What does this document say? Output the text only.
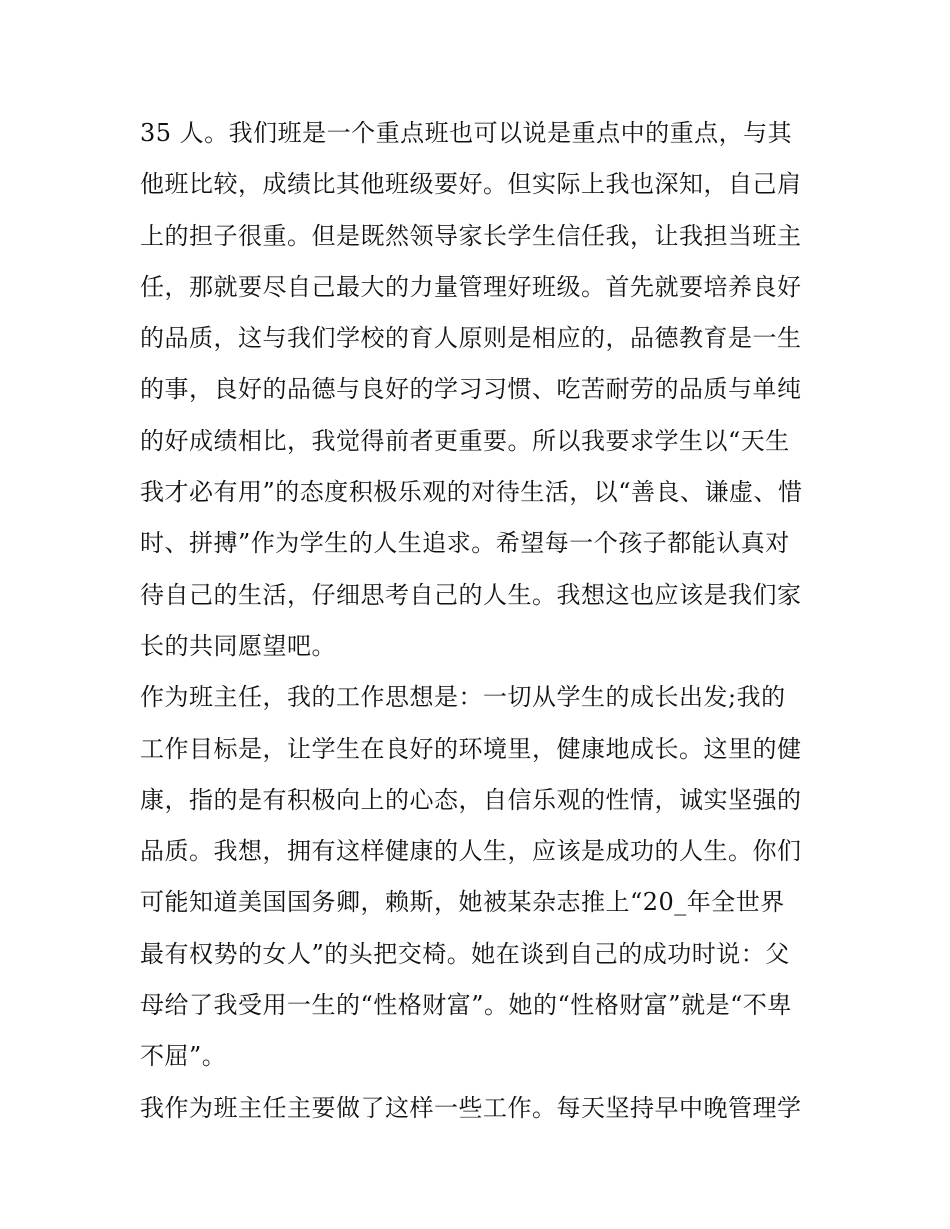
35 人。我们班是一个重点班也可以说是重点中的重点，与其
他班比较，成绩比其他班级要好。但实际上我也深知，自己肩
上的担子很重。但是既然领导家长学生信任我，让我担当班主
任，那就要尽自己最大的力量管理好班级。首先就要培养良好
的品质，这与我们学校的育人原则是相应的，品德教育是一生
的事，良好的品德与良好的学习习惯、吃苦耐劳的品质与单纯
的好成绩相比，我觉得前者更重要。所以我要求学生以“天生
我才必有用”的态度积极乐观的对待生活，以“善良、谦虚、惜
时、拼搏”作为学生的人生追求。希望每一个孩子都能认真对
待自己的生活，仔细思考自己的人生。我想这也应该是我们家
长的共同愿望吧。
作为班主任，我的工作思想是：一切从学生的成长出发;我的
工作目标是，让学生在良好的环境里，健康地成长。这里的健
康，指的是有积极向上的心态，自信乐观的性情，诚实坚强的
品质。我想，拥有这样健康的人生，应该是成功的人生。你们
可能知道美国国务卿，赖斯，她被某杂志推上“20_年全世界
最有权势的女人”的头把交椅。她在谈到自己的成功时说：父
母给了我受用一生的“性格财富”。她的“性格财富”就是“不卑
不屈”。
我作为班主任主要做了这样一些工作。每天坚持早中晚管理学
